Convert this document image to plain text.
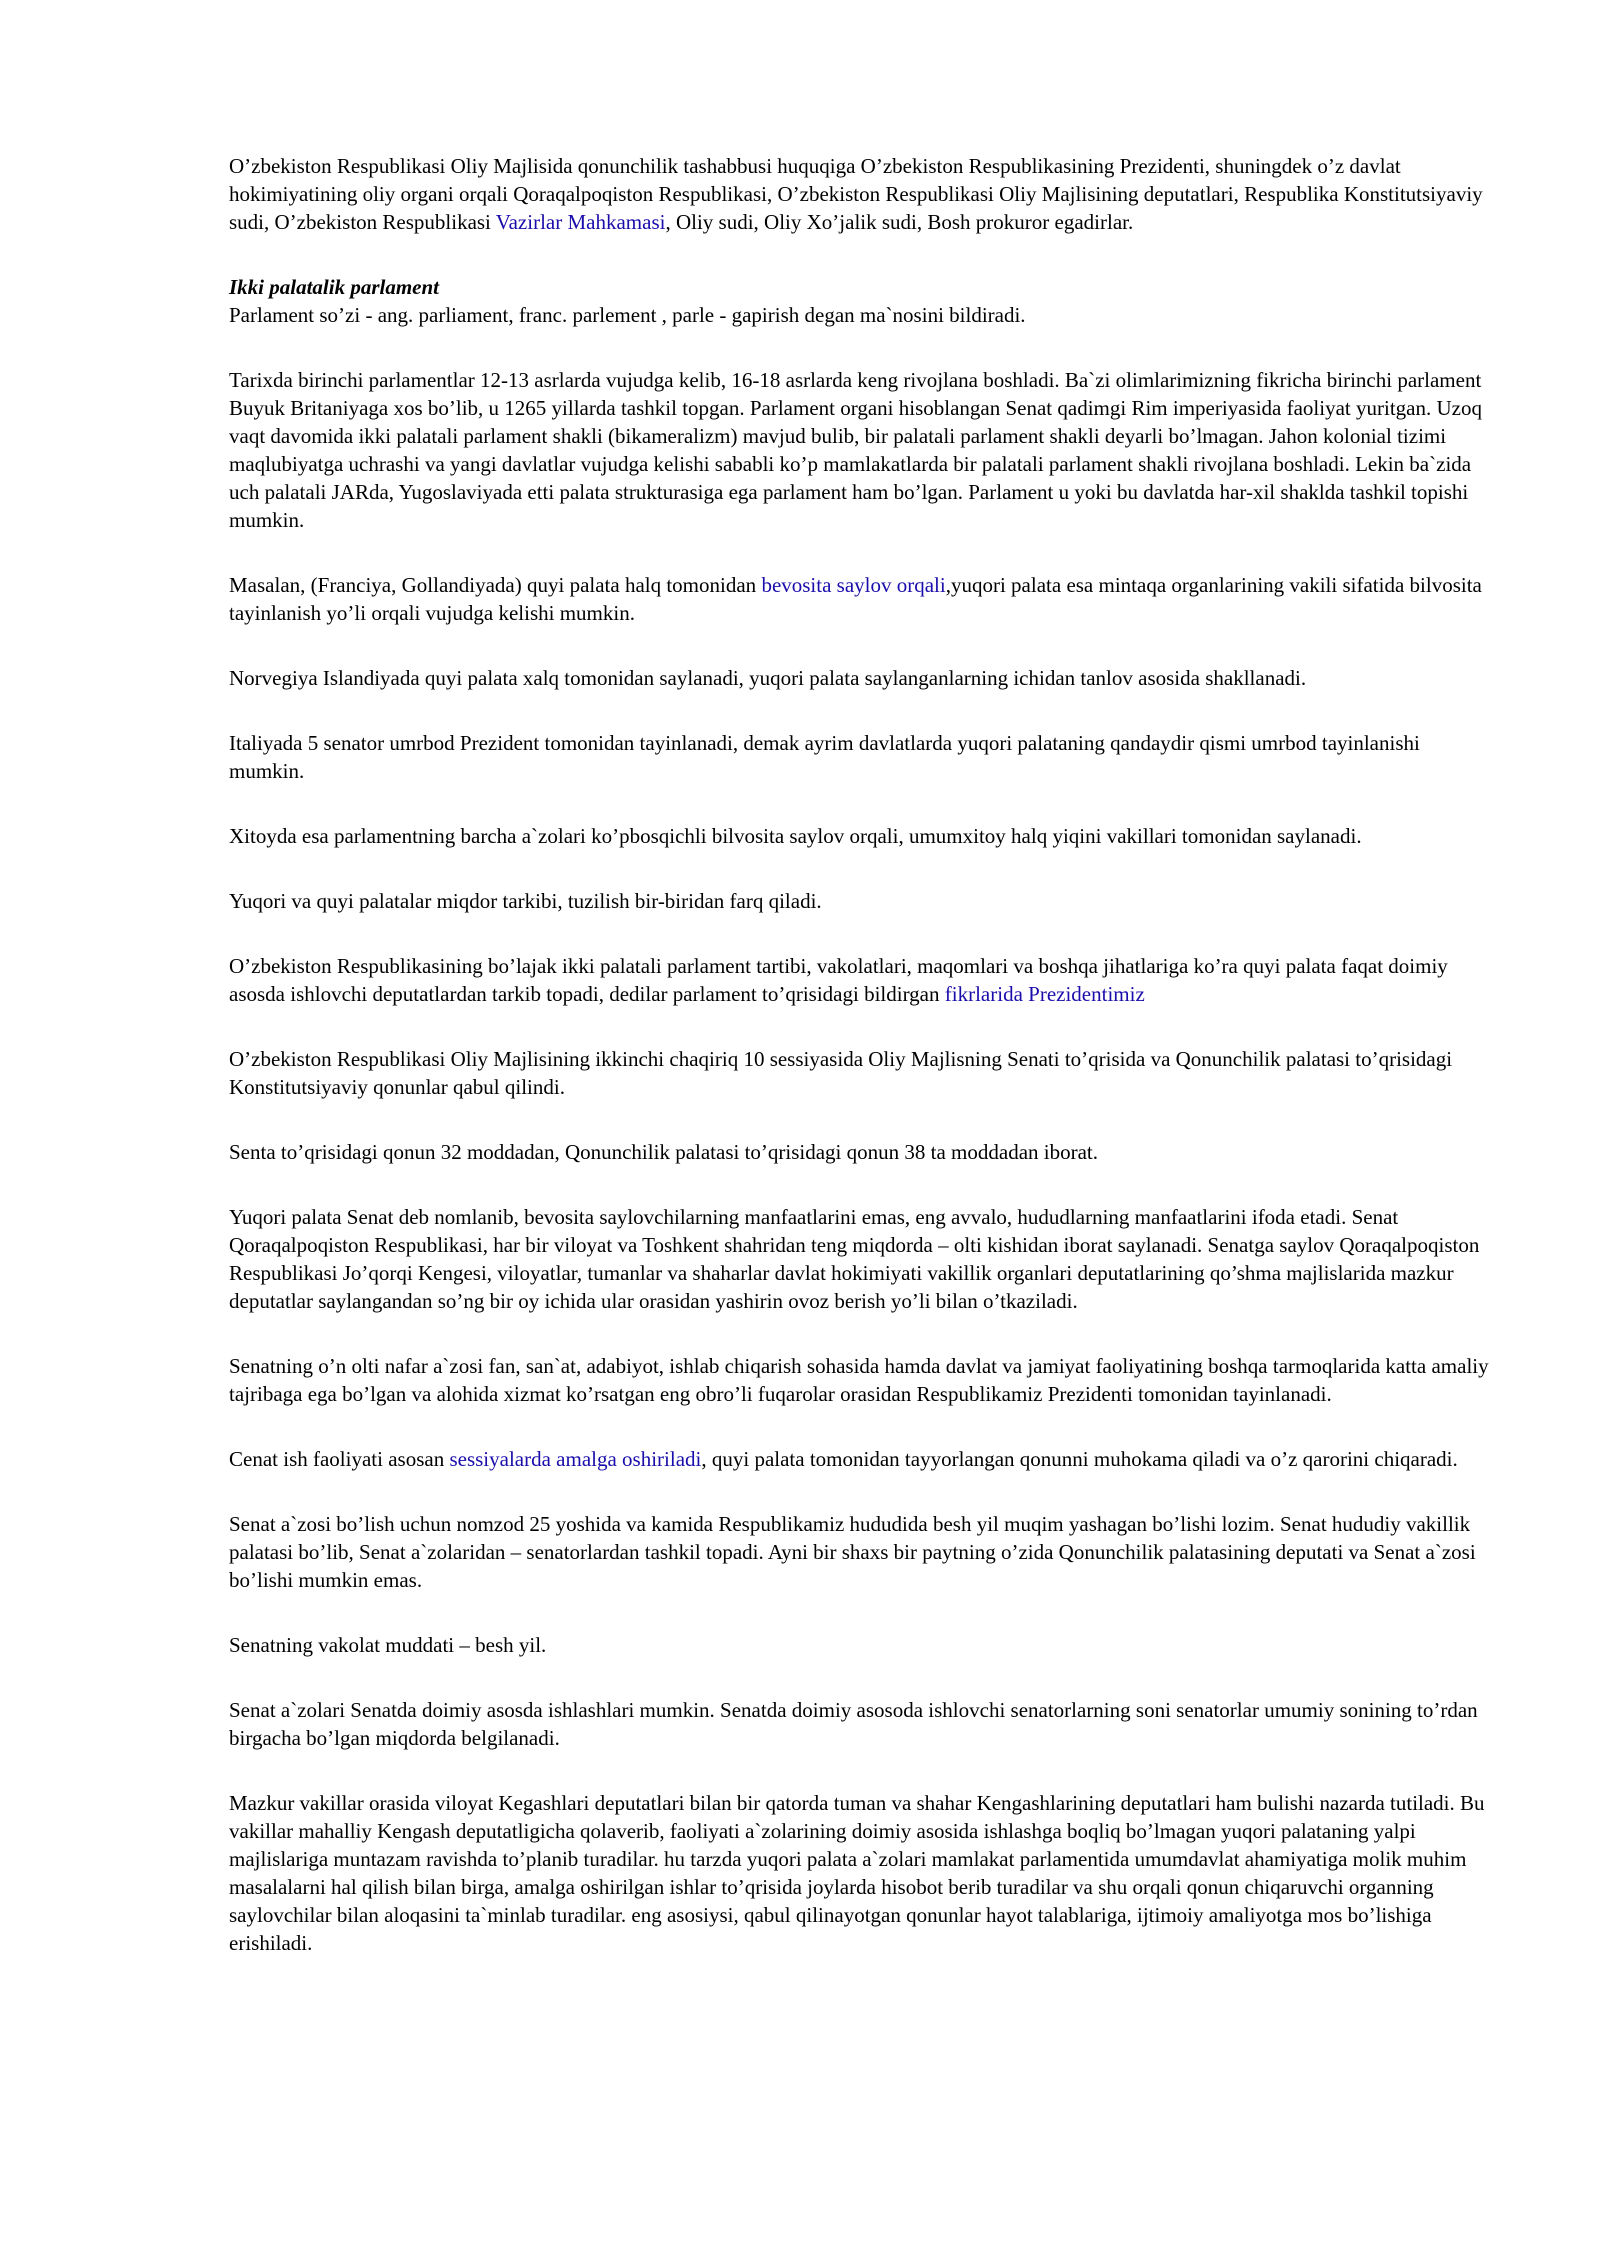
O’zbekiston Respublikasi Oliy Majlisida qonunchilik tashabbusi huquqiga O’zbekiston Respublikasining Prezidenti, shuningdek o’z davlat hokimiyatining oliy organi orqali Qoraqalpoqiston Respublikasi, O’zbekiston Respublikasi Oliy Majlisining deputatlari, Respublika Konstitutsiyaviy sudi, O’zbekiston Respublikasi Vazirlar Mahkamasi, Oliy sudi, Oliy Xo’jalik sudi, Bosh prokuror egadirlar.

Ikki palatalik parlament

Parlament so’zi - ang. parliament, franc. parlement , parle - gapirish degan ma`nosini bildiradi.

Tarixda birinchi parlamentlar 12-13 asrlarda vujudga kelib, 16-18 asrlarda keng rivojlana boshladi. Ba`zi olimlarimizning fikricha birinchi parlament Buyuk Britaniyaga xos bo’lib, u 1265 yillarda tashkil topgan. Parlament organi hisoblangan Senat qadimgi Rim imperiyasida faoliyat yuritgan. Uzoq vaqt davomida ikki palatali parlament shakli (bikameralizm) mavjud bulib, bir palatali parlament shakli deyarli bo’lmagan. Jahon kolonial tizimi maqlubiyatga uchrashi va yangi davlatlar vujudga kelishi sababli ko’p mamlakatlarda bir palatali parlament shakli rivojlana boshladi. Lekin ba`zida uch palatali JARda, Yugoslaviyada etti palata strukturasiga ega parlament ham bo’lgan. Parlament u yoki bu davlatda har-xil shaklda tashkil topishi mumkin.

Masalan, (Franciya, Gollandiyada) quyi palata halq tomonidan bevosita saylov orqali,yuqori palata esa mintaqa organlarining vakili sifatida bilvosita tayinlanish yo’li orqali vujudga kelishi mumkin.

Norvegiya Islandiyada quyi palata xalq tomonidan saylanadi, yuqori palata saylanganlarning ichidan tanlov asosida shakllanadi.

Italiyada 5 senator umrbod Prezident tomonidan tayinlanadi, demak ayrim davlatlarda yuqori palataning qandaydir qismi umrbod tayinlanishi mumkin.

Xitoyda esa parlamentning barcha a`zolari ko’pbosqichli bilvosita saylov orqali, umumxitoy halq yiqini vakillari tomonidan saylanadi.

Yuqori va quyi palatalar miqdor tarkibi, tuzilish bir-biridan farq qiladi.

O’zbekiston Respublikasining bo’lajak ikki palatali parlament tartibi, vakolatlari, maqomlari va boshqa jihatlariga ko’ra quyi palata faqat doimiy asosda ishlovchi deputatlardan tarkib topadi, dedilar parlament to’qrisidagi bildirgan fikrlarida Prezidentimiz

O’zbekiston Respublikasi Oliy Majlisining ikkinchi chaqiriq 10 sessiyasida Oliy Majlisning Senati to’qrisida va Qonunchilik palatasi to’qrisidagi Konstitutsiyaviy qonunlar qabul qilindi.

Senta to’qrisidagi qonun 32 moddadan, Qonunchilik palatasi to’qrisidagi qonun 38 ta moddadan iborat.

Yuqori palata Senat deb nomlanib, bevosita saylovchilarning manfaatlarini emas, eng avvalo, hududlarning manfaatlarini ifoda etadi. Senat Qoraqalpoqiston Respublikasi, har bir viloyat va Toshkent shahridan teng miqdorda – olti kishidan iborat saylanadi. Senatga saylov Qoraqalpoqiston Respublikasi Jo’qorqi Kengesi, viloyatlar, tumanlar va shaharlar davlat hokimiyati vakillik organlari deputatlarining qo’shma majlislarida mazkur deputatlar saylangandan so’ng bir oy ichida ular orasidan yashirin ovoz berish yo’li bilan o’tkaziladi.

Senatning o’n olti nafar a`zosi fan, san`at, adabiyot, ishlab chiqarish sohasida hamda davlat va jamiyat faoliyatining boshqa tarmoqlarida katta amaliy tajribaga ega bo’lgan va alohida xizmat ko’rsatgan eng obro’li fuqarolar orasidan Respublikamiz Prezidenti tomonidan tayinlanadi.

Cenat ish faoliyati asosan sessiyalarda amalga oshiriladi, quyi palata tomonidan tayyorlangan qonunni muhokama qiladi va o’z qarorini chiqaradi.

Senat a`zosi bo’lish uchun nomzod 25 yoshida va kamida Respublikamiz hududida besh yil muqim yashagan bo’lishi lozim. Senat hududiy vakillik palatasi bo’lib, Senat a`zolaridan – senatorlardan tashkil topadi. Ayni bir shaxs bir paytning o’zida Qonunchilik palatasining deputati va Senat a`zosi bo’lishi mumkin emas.

Senatning vakolat muddati – besh yil.

Senat a`zolari Senatda doimiy asosda ishlashlari mumkin. Senatda doimiy asosoda ishlovchi senatorlarning soni senatorlar umumiy sonining to’rdan birgacha bo’lgan miqdorda belgilanadi.

Mazkur vakillar orasida viloyat Kegashlari deputatlari bilan bir qatorda tuman va shahar Kengashlarining deputatlari ham bulishi nazarda tutiladi. Bu vakillar mahalliy Kengash deputatligicha qolaverib, faoliyati a`zolarining doimiy asosida ishlashga boqliq bo’lmagan yuqori palataning yalpi majlislariga muntazam ravishda to’planib turadilar. hu tarzda yuqori palata a`zolari mamlakat parlamentida umumdavlat ahamiyatiga molik muhim masalalarni hal qilish bilan birga, amalga oshirilgan ishlar to’qrisida joylarda hisobot berib turadilar va shu orqali qonun chiqaruvchi organning saylovchilar bilan aloqasini ta`minlab turadilar. eng asosiysi, qabul qilinayotgan qonunlar hayot talablariga, ijtimoiy amaliyotga mos bo’lishiga erishiladi.
